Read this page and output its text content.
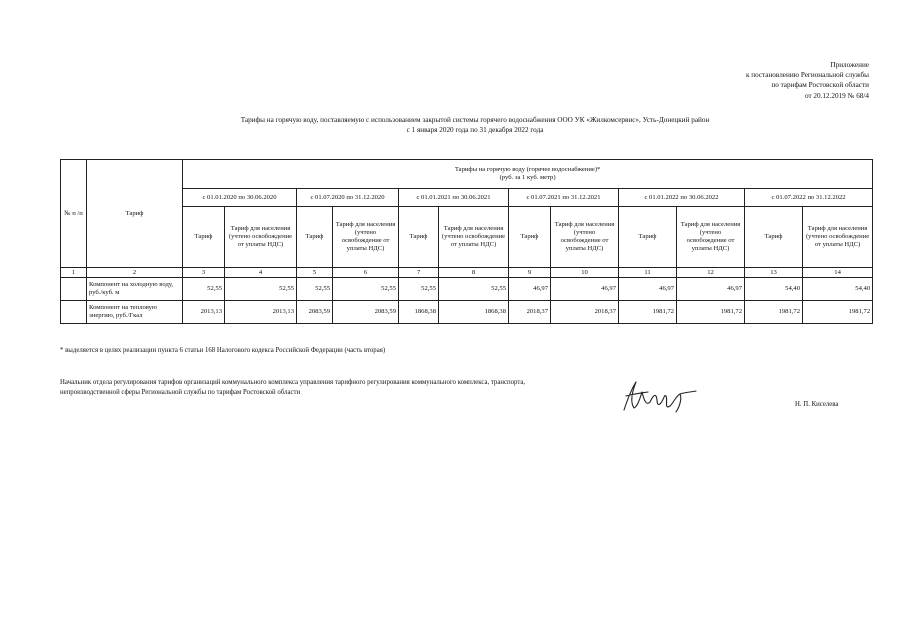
Приложение
к постановлению Региональной службы
по тарифам Ростовской области
от 20.12.2019 № 68/4
Тарифы на горячую воду, поставляемую с использованием закрытой системы горячего водоснабжения ООО УК «Жилкомсервис», Усть-Донецкий район
с 1 января 2020 года по 31 декабря 2022 года
№ п /п	Тариф	Тарифы на горячую воду (горячее водоснабжение)*
(руб. за 1 куб. метр)											

		с 01.01.2020 по 30.06.2020		с 01.07.2020 по 31.12.2020		с 01.01.2021 по 30.06.2021		с 01.07.2021 по 31.12.2021		с 01.01.2022 по 30.06.2022		с 01.07.2022 по 31.12.2022	
		Тариф	Тариф для населения (учтено освобождение от уплаты НДС)	Тариф	Тариф для населения (учтено освобождение от уплаты НДС)	Тариф	Тариф для населения (учтено освобождение от уплаты НДС)	Тариф	Тариф для населения (учтено освобождение от уплаты НДС)	Тариф	Тариф для населения (учтено освобождение от уплаты НДС)	Тариф	Тариф для населения (учтено освобождение от уплаты НДС)
1	2	3	4	5	6	7	8	9	10	11	12	13	14
	Компонент на холодную воду, руб./куб. м	52,55	52,55	52,55	52,55	52,55	52,55	46,97	46,97	46,97	46,97	54,40	54,40
	Компонент на тепловую энергию, руб./Гкал	2013,13	2013,13	2083,59	2083,59	1868,38	1868,38	2018,37	2018,37	1981,72	1981,72	1981,72	1981,72
* выделяется в целях реализации пункта 6 статьи 168 Налогового кодекса Российской Федерации (часть вторая)
Начальник отдела регулирования тарифов организаций коммунального комплекса управления тарифного регулирования коммунального комплекса, транспорта, непроизводственной сферы Региональной службы по тарифам Ростовской области
Н. П. Киселева
